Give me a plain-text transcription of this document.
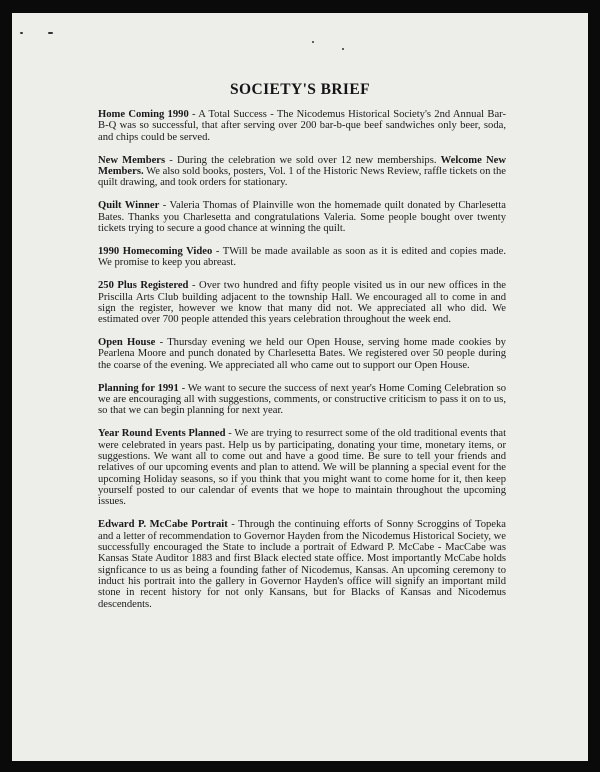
SOCIETY'S BRIEF

Home Coming 1990 - A Total Success - The Nicodemus Historical Society's 2nd Annual Bar-B-Q was so successful, that after serving over 200 bar-b-que beef sandwiches only beer, soda, and chips could be served.

New Members - During the celebration we sold over 12 new memberships. Welcome New Members. We also sold books, posters, Vol. 1 of the Historic News Review, raffle tickets on the quilt drawing, and took orders for stationary.

Quilt Winner - Valeria Thomas of Plainville won the homemade quilt donated by Charlesetta Bates. Thanks you Charlesetta and congratulations Valeria. Some people bought over twenty tickets trying to secure a good chance at winning the quilt.

1990 Homecoming Video - TWill be made available as soon as it is edited and copies made. We promise to keep you abreast.

250 Plus Registered - Over two hundred and fifty people visited us in our new offices in the Priscilla Arts Club building adjacent to the township Hall. We encouraged all to come in and sign the register, however we know that many did not. We appreciated all who did. We estimated over 700 people attended this years celebration throughout the week end.

Open House - Thursday evening we held our Open House, serving home made cookies by Pearlena Moore and punch donated by Charlesetta Bates. We registered over 50 people during the coarse of the evening. We appreciated all who came out to support our Open House.

Planning for 1991 - We want to secure the success of next year's Home Coming Celebration so we are encouraging all with suggestions, comments, or constructive criticism to pass it on to us, so that we can begin planning for next year.

Year Round Events Planned - We are trying to resurrect some of the old traditional events that were celebrated in years past. Help us by participating, donating your time, monetary items, or suggestions. We want all to come out and have a good time. Be sure to tell your friends and relatives of our upcoming events and plan to attend. We will be planning a special event for the upcoming Holiday seasons, so if you think that you might want to come home for it, then keep yourself posted to our calendar of events that we hope to maintain throughout the upcoming issues.

Edward P. McCabe Portrait - Through the continuing efforts of Sonny Scroggins of Topeka and a letter of recommendation to Governor Hayden from the Nicodemus Historical Society, we successfully encouraged the State to include a portrait of Edward P. McCabe - MacCabe was Kansas State Auditor 1883 and first Black elected state office. Most importantly McCabe holds signficance to us as being a founding father of Nicodemus, Kansas. An upcoming ceremony to induct his portrait into the gallery in Governor Hayden's office will signify an important mild stone in recent history for not only Kansans, but for Blacks of Kansas and Nicodemus descendents.
